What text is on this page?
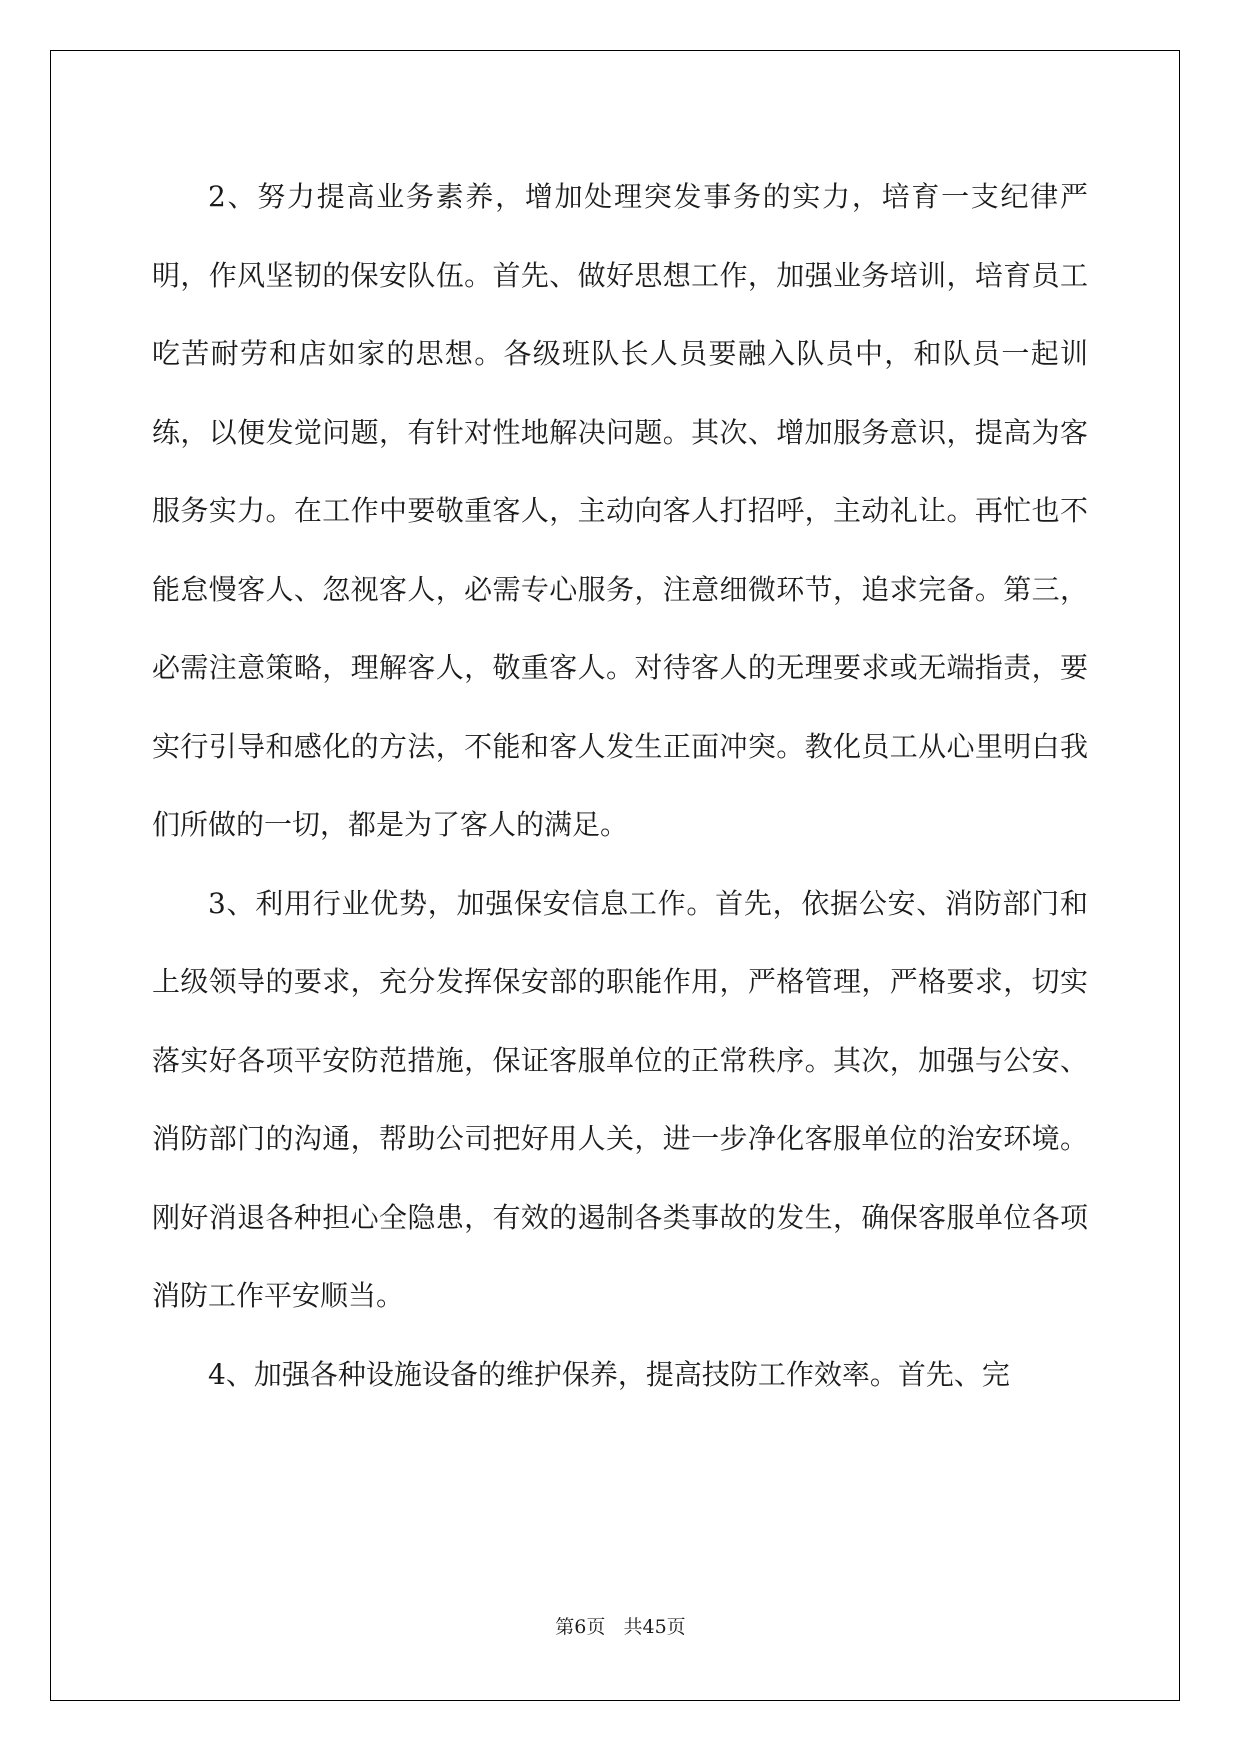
2、努力提高业务素养，增加处理突发事务的实力，培育一支纪律严明，作风坚韧的保安队伍。首先、做好思想工作，加强业务培训，培育员工吃苦耐劳和店如家的思想。各级班队长人员要融入队员中，和队员一起训练，以便发觉问题，有针对性地解决问题。其次、增加服务意识，提高为客服务实力。在工作中要敬重客人，主动向客人打招呼，主动礼让。再忙也不能怠慢客人、忽视客人，必需专心服务，注意细微环节，追求完备。第三，必需注意策略，理解客人，敬重客人。对待客人的无理要求或无端指责，要实行引导和感化的方法，不能和客人发生正面冲突。教化员工从心里明白我们所做的一切，都是为了客人的满足。

3、利用行业优势，加强保安信息工作。首先，依据公安、消防部门和上级领导的要求，充分发挥保安部的职能作用，严格管理，严格要求，切实落实好各项平安防范措施，保证客服单位的正常秩序。其次，加强与公安、消防部门的沟通，帮助公司把好用人关，进一步净化客服单位的治安环境。刚好消退各种担心全隐患，有效的遏制各类事故的发生，确保客服单位各项消防工作平安顺当。

4、加强各种设施设备的维护保养，提高技防工作效率。首先、完

第6页   共45页
